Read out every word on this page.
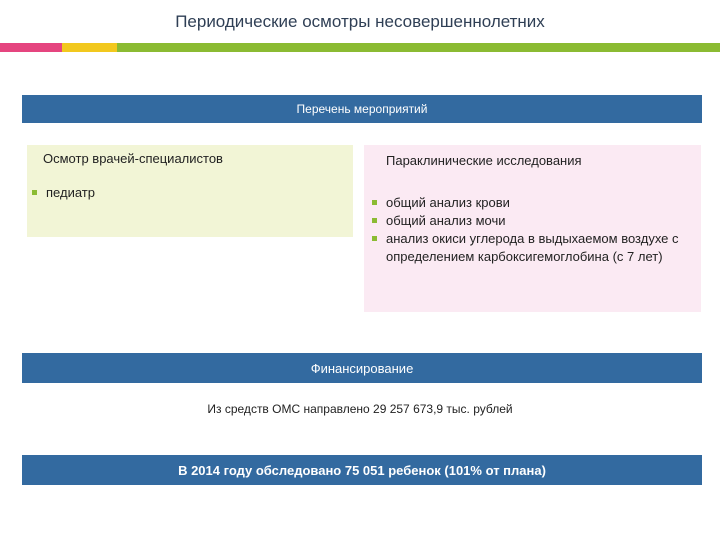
Периодические осмотры несовершеннолетних
Перечень мероприятий
Осмотр врачей-специалистов
педиатр
Параклинические исследования
общий анализ крови
общий анализ мочи
анализ окиси углерода в выдыхаемом воздухе с определением карбоксигемоглобина (с 7 лет)
Финансирование
Из средств ОМС направлено 29 257 673,9 тыс. рублей
В 2014 году обследовано 75 051 ребенок (101% от плана)
